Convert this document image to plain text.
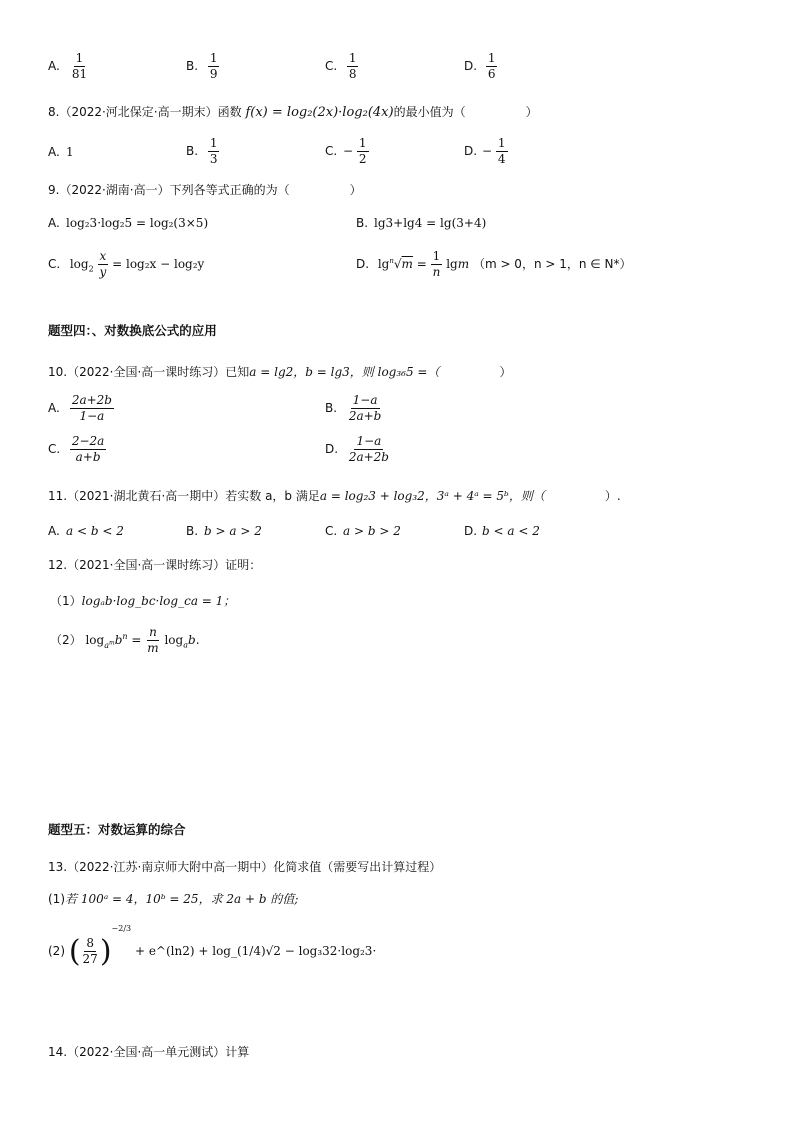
A. $\frac{1}{81}$	B. $\frac{1}{9}$	C. $\frac{1}{8}$	D. $\frac{1}{6}$
8.（2022·河北保定·高一期末）函数 f(x) = log₂(2x)·log₂(4x)的最小值为（	）
A. 1	B. $\frac{1}{3}$	C. − $\frac{1}{2}$	D. − $\frac{1}{4}$
9.（2022·湖南·高一）下列各等式正确的为（	）
A. log₂3·log₂5 = log₂(3×5)	B. lg3+lg4 = lg(3+4)
C. $\log_2 \frac{x}{y} = \log_2x - \log_2y$	D. $\lg^n√m = \frac{1}{n}$ lgm （m > 0，n > 1，n ∈ N*）
题型四：、对数换底公式的应用
10.（2022·全国·高一课时练习）已知a = lg2，b = lg3，则 log₃₆5 =（	）
A. $\frac{2a+2b}{1-a}$	B. $\frac{1-a}{2a+b}$
C. $\frac{2-2a}{a+b}$	D. $\frac{1-a}{2a+2b}$
11.（2021·湖北黄石·高一期中）若实数 a，b 满足a = log₂3 + log₃2，3ᵃ + 4ᵃ = 5ᵇ，则（	）.
A. a < b < 2	B. b > a > 2	C. a > b > 2	D. b < a < 2
12.（2021·全国·高一课时练习）证明：
（1）logₐb·log_bc·log_ca = 1；
（2） $\log_{a^m}b^n = \frac{n}{m} \log_ab$.
题型五：对数运算的综合
13.（2022·江苏·南京师大附中高一期中）化简求值（需要写出计算过程）
(1)若 100ᵃ = 4，10ᵇ = 25，求 2a + b 的值;
(2) ( $\frac{8}{27} )^{-2/3}$ + e^(ln2) + log_(1/4)√2 − log₃32·log₂3·
14.（2022·全国·高一单元测试）计算
